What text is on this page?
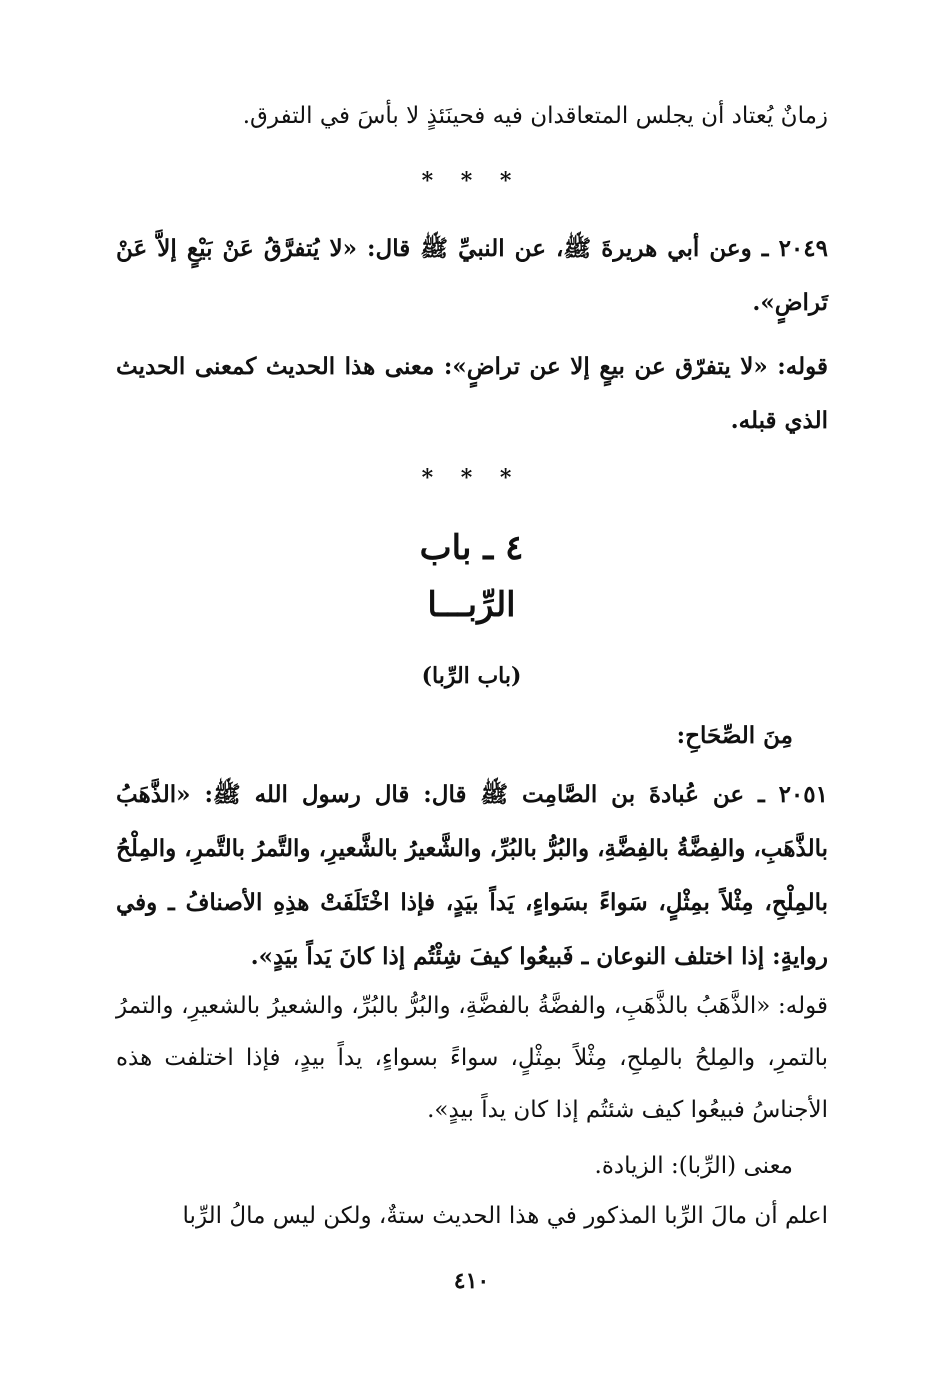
زمانٌ يُعتاد أن يجلس المتعاقدان فيه فحينَئذٍ لا بأسَ في التفرق.
* * *
٢٠٤٩ ـ وعن أبي هريرةَ ﷺ، عن النبيِّ ﷺ قال: «لا يُتفرَّقُ عَنْ بَيْعٍ إلاَّ عَنْ تَراضٍ».
قوله: «لا يتفرّق عن بيعٍ إلا عن تراضٍ»: معنى هذا الحديث كمعنى الحديث الذي قبله.
* * *
٤ ـ باب
الرِّبـــا
(باب الرِّبا)
مِنَ الصِّحَاحِ:
٢٠٥١ ـ عن عُبادةَ بن الصَّامِت ﷺ قال: قال رسول الله ﷺ: «الذَّهَبُ بالذَّهَبِ، والفِضَّةُ بالفِضَّةِ، والبُرُّ بالبُرِّ، والشَّعيرُ بالشَّعيرِ، والتَّمرُ بالتَّمرِ، والمِلْحُ بالمِلْحِ، مِثْلاً بمِثْلٍ، سَواءً بسَواءٍ، يَداً بيَدٍ، فإذا اخْتَلَفَتْ هذِهِ الأصنافُ ـ وفي روايةٍ: إذا اختلف النوعان ـ فَبيعُوا كيفَ شِئْتُم إذا كانَ يَداً بيَدٍ».
قوله: «الذَّهَبُ بالذَّهَبِ، والفضَّةُ بالفضَّةِ، والبُرُّ بالبُرِّ، والشعيرُ بالشعيرِ، والتمرُ بالتمرِ، والمِلحُ بالمِلحِ، مِثْلاً بمِثْلٍ، سواءً بسواءٍ، يداً بيدٍ، فإذا اختلفت هذه الأجناسُ فبيعُوا كيف شئتُم إذا كان يداً بيدٍ».
معنى (الرِّبا): الزيادة.
اعلم أن مالَ الرِّبا المذكور في هذا الحديث ستةٌ، ولكن ليس مالُ الرِّبا
٤١٠
